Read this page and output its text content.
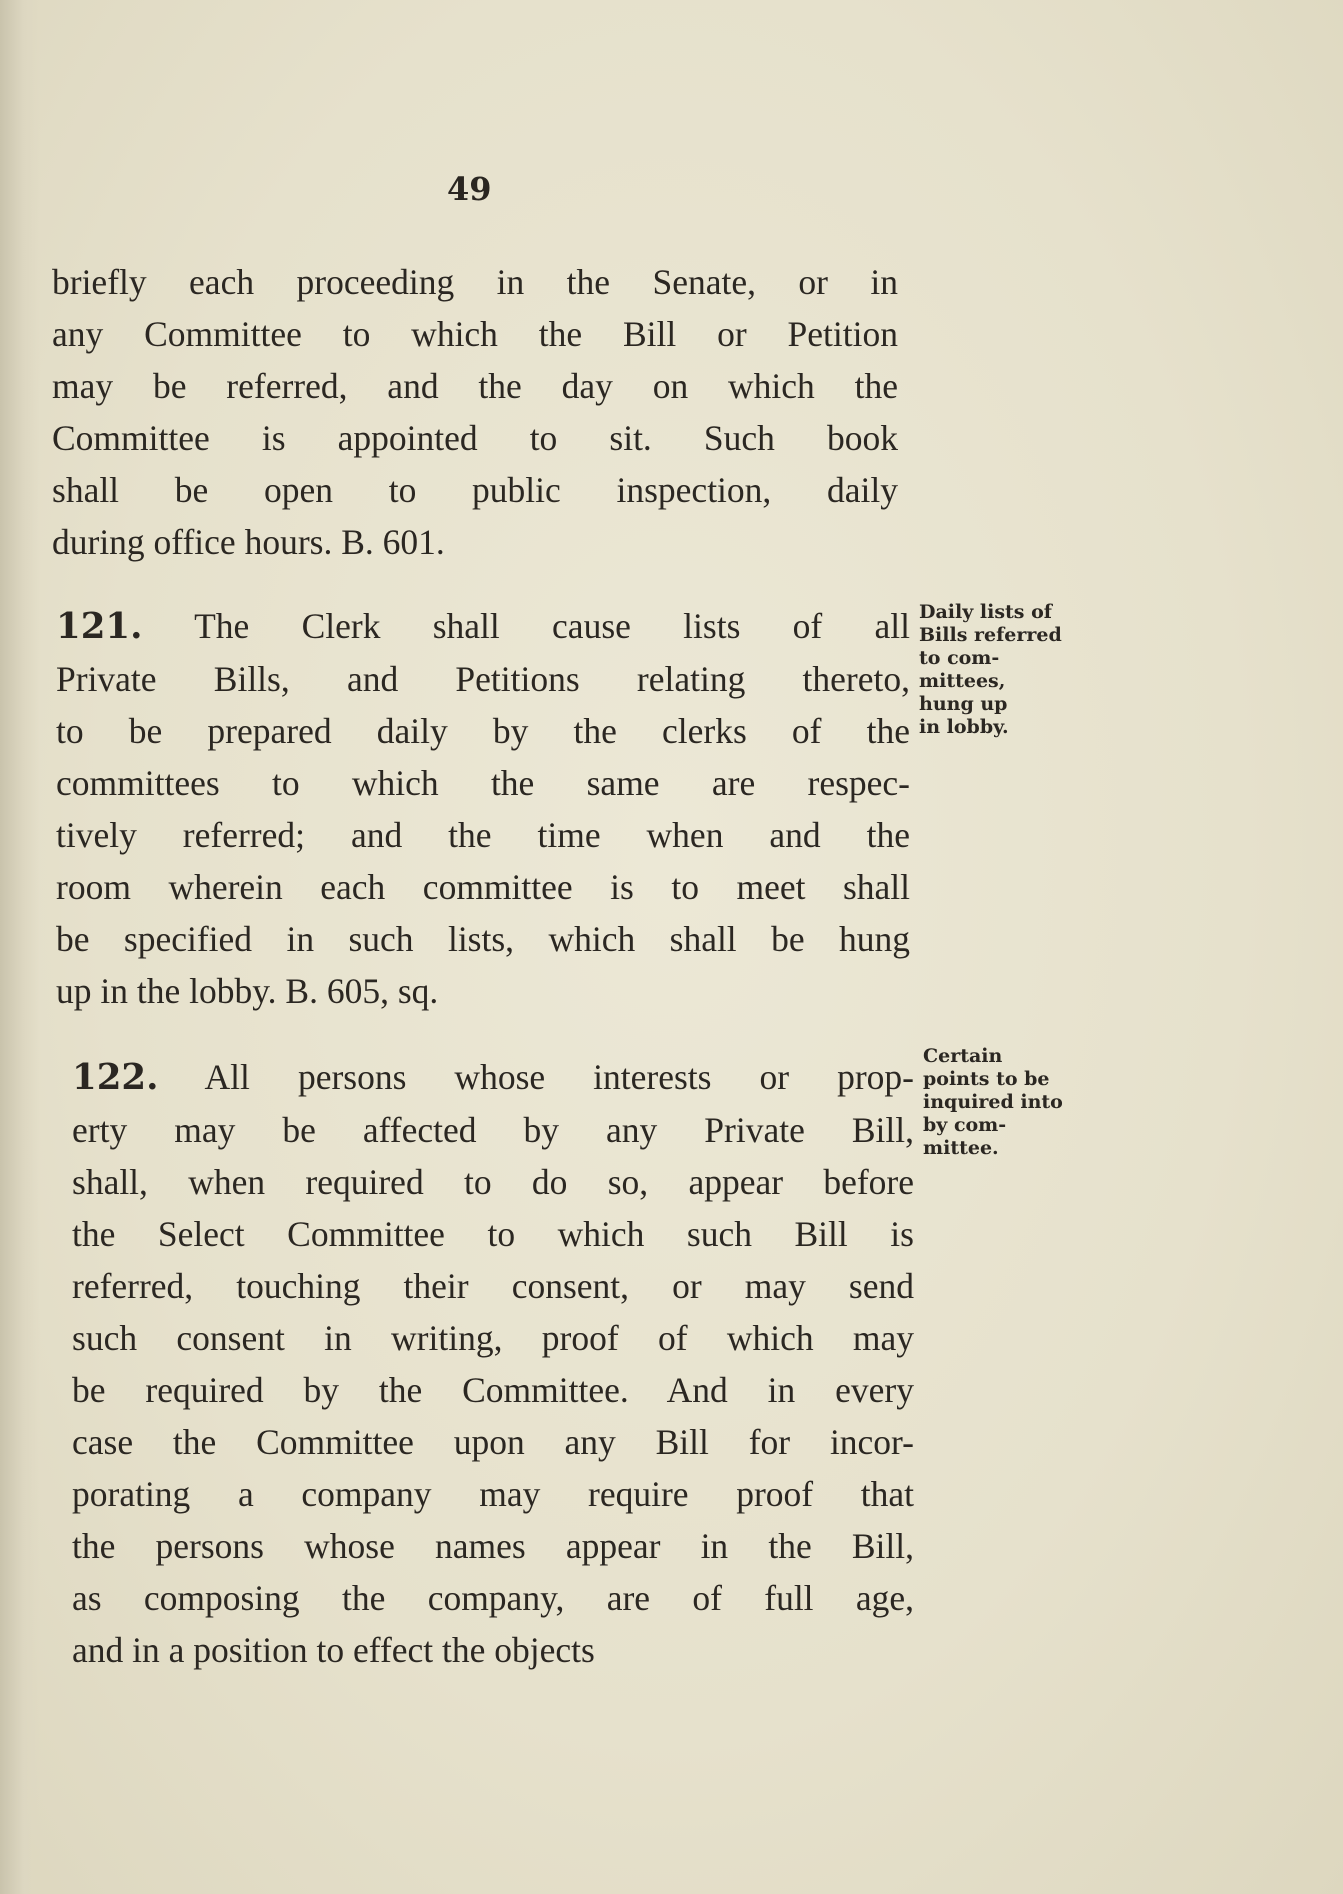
49
briefly each proceeding in the Senate, or in
any Committee to which the Bill or Petition
may be referred, and the day on which the
Committee is appointed to sit. Such book
shall be open to public inspection, daily
during office hours. B. 601.
121. The Clerk shall cause lists of all
Private Bills, and Petitions relating thereto,
to be prepared daily by the clerks of the
committees to which the same are respec-
tively referred; and the time when and the
room wherein each committee is to meet shall
be specified in such lists, which shall be hung
up in the lobby. B. 605, sq.
122. All persons whose interests or prop-
erty may be affected by any Private Bill,
shall, when required to do so, appear before
the Select Committee to which such Bill is
referred, touching their consent, or may send
such consent in writing, proof of which may
be required by the Committee. And in every
case the Committee upon any Bill for incor-
porating a company may require proof that
the persons whose names appear in the Bill,
as composing the company, are of full age,
and in a position to effect the objects
Daily lists of
Bills referred
to com-
mittees,
hung up
in lobby.
Certain
points to be
inquired into
by com-
mittee.
